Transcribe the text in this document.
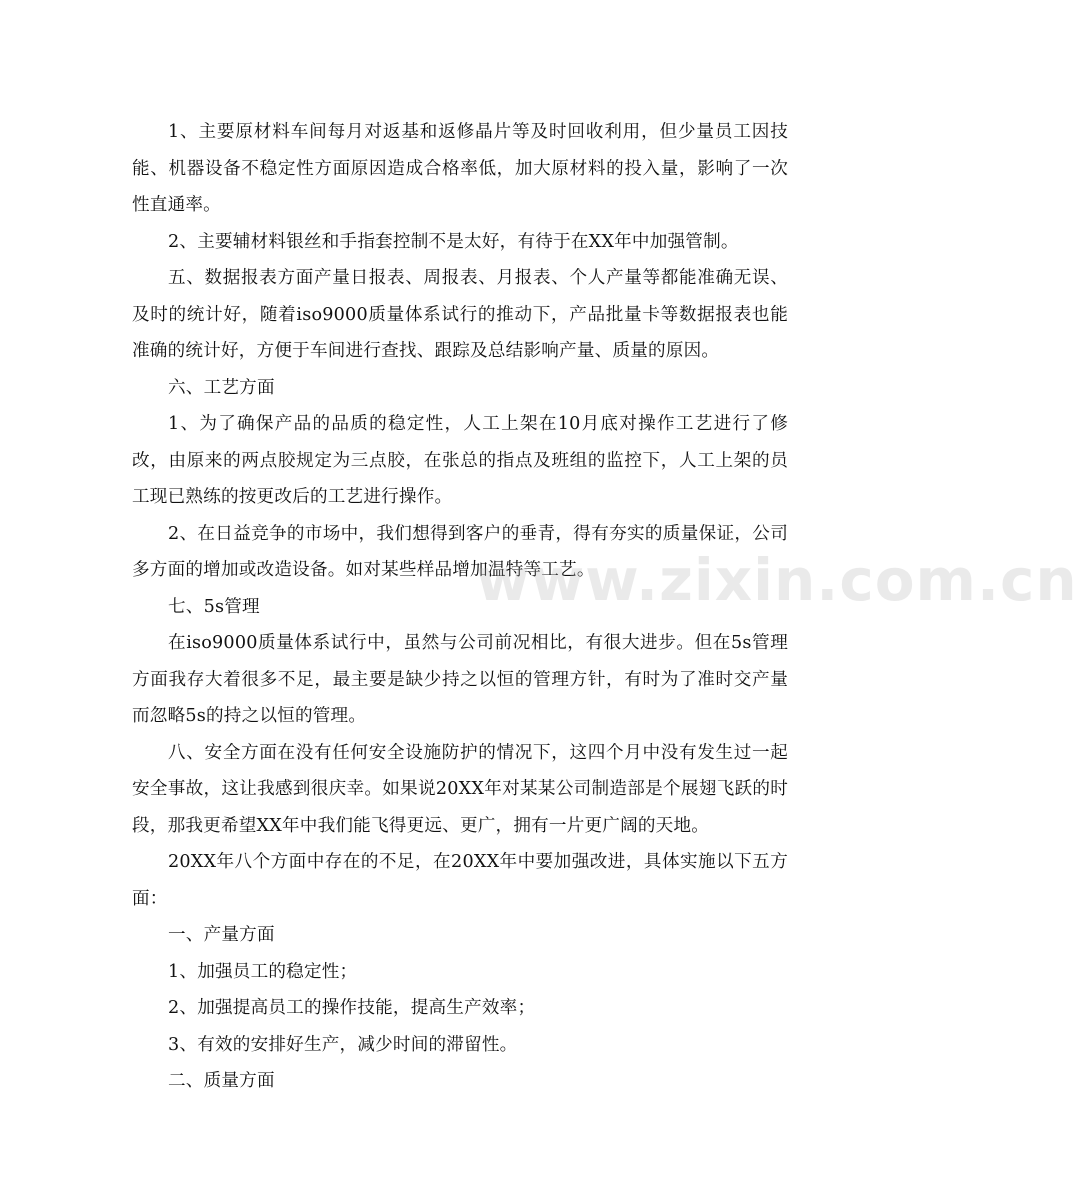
1、主要原材料车间每月对返基和返修晶片等及时回收利用，但少量员工因技能、机器设备不稳定性方面原因造成合格率低，加大原材料的投入量，影响了一次性直通率。

2、主要辅材料银丝和手指套控制不是太好，有待于在XX年中加强管制。

五、数据报表方面产量日报表、周报表、月报表、个人产量等都能准确无误、及时的统计好，随着iso9000质量体系试行的推动下，产品批量卡等数据报表也能准确的统计好，方便于车间进行查找、跟踪及总结影响产量、质量的原因。

六、工艺方面

1、为了确保产品的品质的稳定性，人工上架在10月底对操作工艺进行了修改，由原来的两点胶规定为三点胶，在张总的指点及班组的监控下，人工上架的员工现已熟练的按更改后的工艺进行操作。

2、在日益竞争的市场中，我们想得到客户的垂青，得有夯实的质量保证，公司多方面的增加或改造设备。如对某些样品增加温特等工艺。

七、5s管理

在iso9000质量体系试行中，虽然与公司前况相比，有很大进步。但在5s管理方面我存大着很多不足，最主要是缺少持之以恒的管理方针，有时为了准时交产量而忽略5s的持之以恒的管理。

八、安全方面在没有任何安全设施防护的情况下，这四个月中没有发生过一起安全事故，这让我感到很庆幸。如果说20XX年对某某公司制造部是个展翅飞跃的时段，那我更希望XX年中我们能飞得更远、更广，拥有一片更广阔的天地。

20XX年八个方面中存在的不足，在20XX年中要加强改进，具体实施以下五方面：

一、产量方面

1、加强员工的稳定性；

2、加强提高员工的操作技能，提高生产效率；

3、有效的安排好生产，减少时间的滞留性。

二、质量方面

www.zixin.com.cn
